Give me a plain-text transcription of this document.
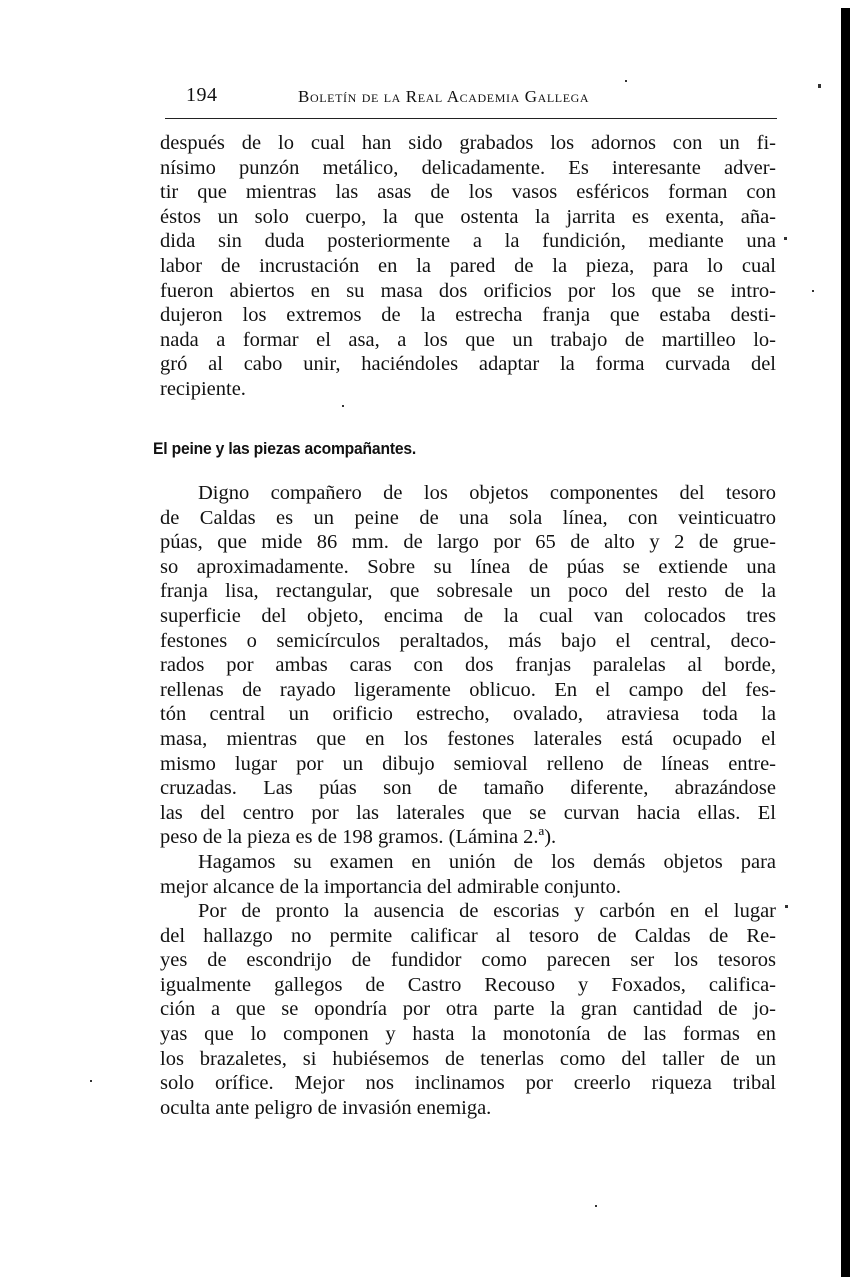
194	Boletín de la Real Academia Gallega
después de lo cual han sido grabados los adornos con un fi-
nísimo punzón metálico, delicadamente. Es interesante adver-
tir que mientras las asas de los vasos esféricos forman con
éstos un solo cuerpo, la que ostenta la jarrita es exenta, aña-
dida sin duda posteriormente a la fundición, mediante una
labor de incrustación en la pared de la pieza, para lo cual
fueron abiertos en su masa dos orificios por los que se intro-
dujeron los extremos de la estrecha franja que estaba desti-
nada a formar el asa, a los que un trabajo de martilleo lo-
gró al cabo unir, haciéndoles adaptar la forma curvada del
recipiente.
El peine y las piezas acompañantes.
Digno compañero de los objetos componentes del tesoro
de Caldas es un peine de una sola línea, con veinticuatro
púas, que mide 86 mm. de largo por 65 de alto y 2 de grue-
so aproximadamente. Sobre su línea de púas se extiende una
franja lisa, rectangular, que sobresale un poco del resto de la
superficie del objeto, encima de la cual van colocados tres
festones o semicírculos peraltados, más bajo el central, deco-
rados por ambas caras con dos franjas paralelas al borde,
rellenas de rayado ligeramente oblicuo. En el campo del fes-
tón central un orificio estrecho, ovalado, atraviesa toda la
masa, mientras que en los festones laterales está ocupado el
mismo lugar por un dibujo semioval relleno de líneas entre-
cruzadas. Las púas son de tamaño diferente, abrazándose
las del centro por las laterales que se curvan hacia ellas. El
peso de la pieza es de 198 gramos. (Lámina 2.ª).
Hagamos su examen en unión de los demás objetos para
mejor alcance de la importancia del admirable conjunto.
Por de pronto la ausencia de escorias y carbón en el lugar
del hallazgo no permite calificar al tesoro de Caldas de Re-
yes de escondrijo de fundidor como parecen ser los tesoros
igualmente gallegos de Castro Recouso y Foxados, califica-
ción a que se opondría por otra parte la gran cantidad de jo-
yas que lo componen y hasta la monotonía de las formas en
los brazaletes, si hubiésemos de tenerlas como del taller de un
solo orífice. Mejor nos inclinamos por creerlo riqueza tribal
oculta ante peligro de invasión enemiga.
